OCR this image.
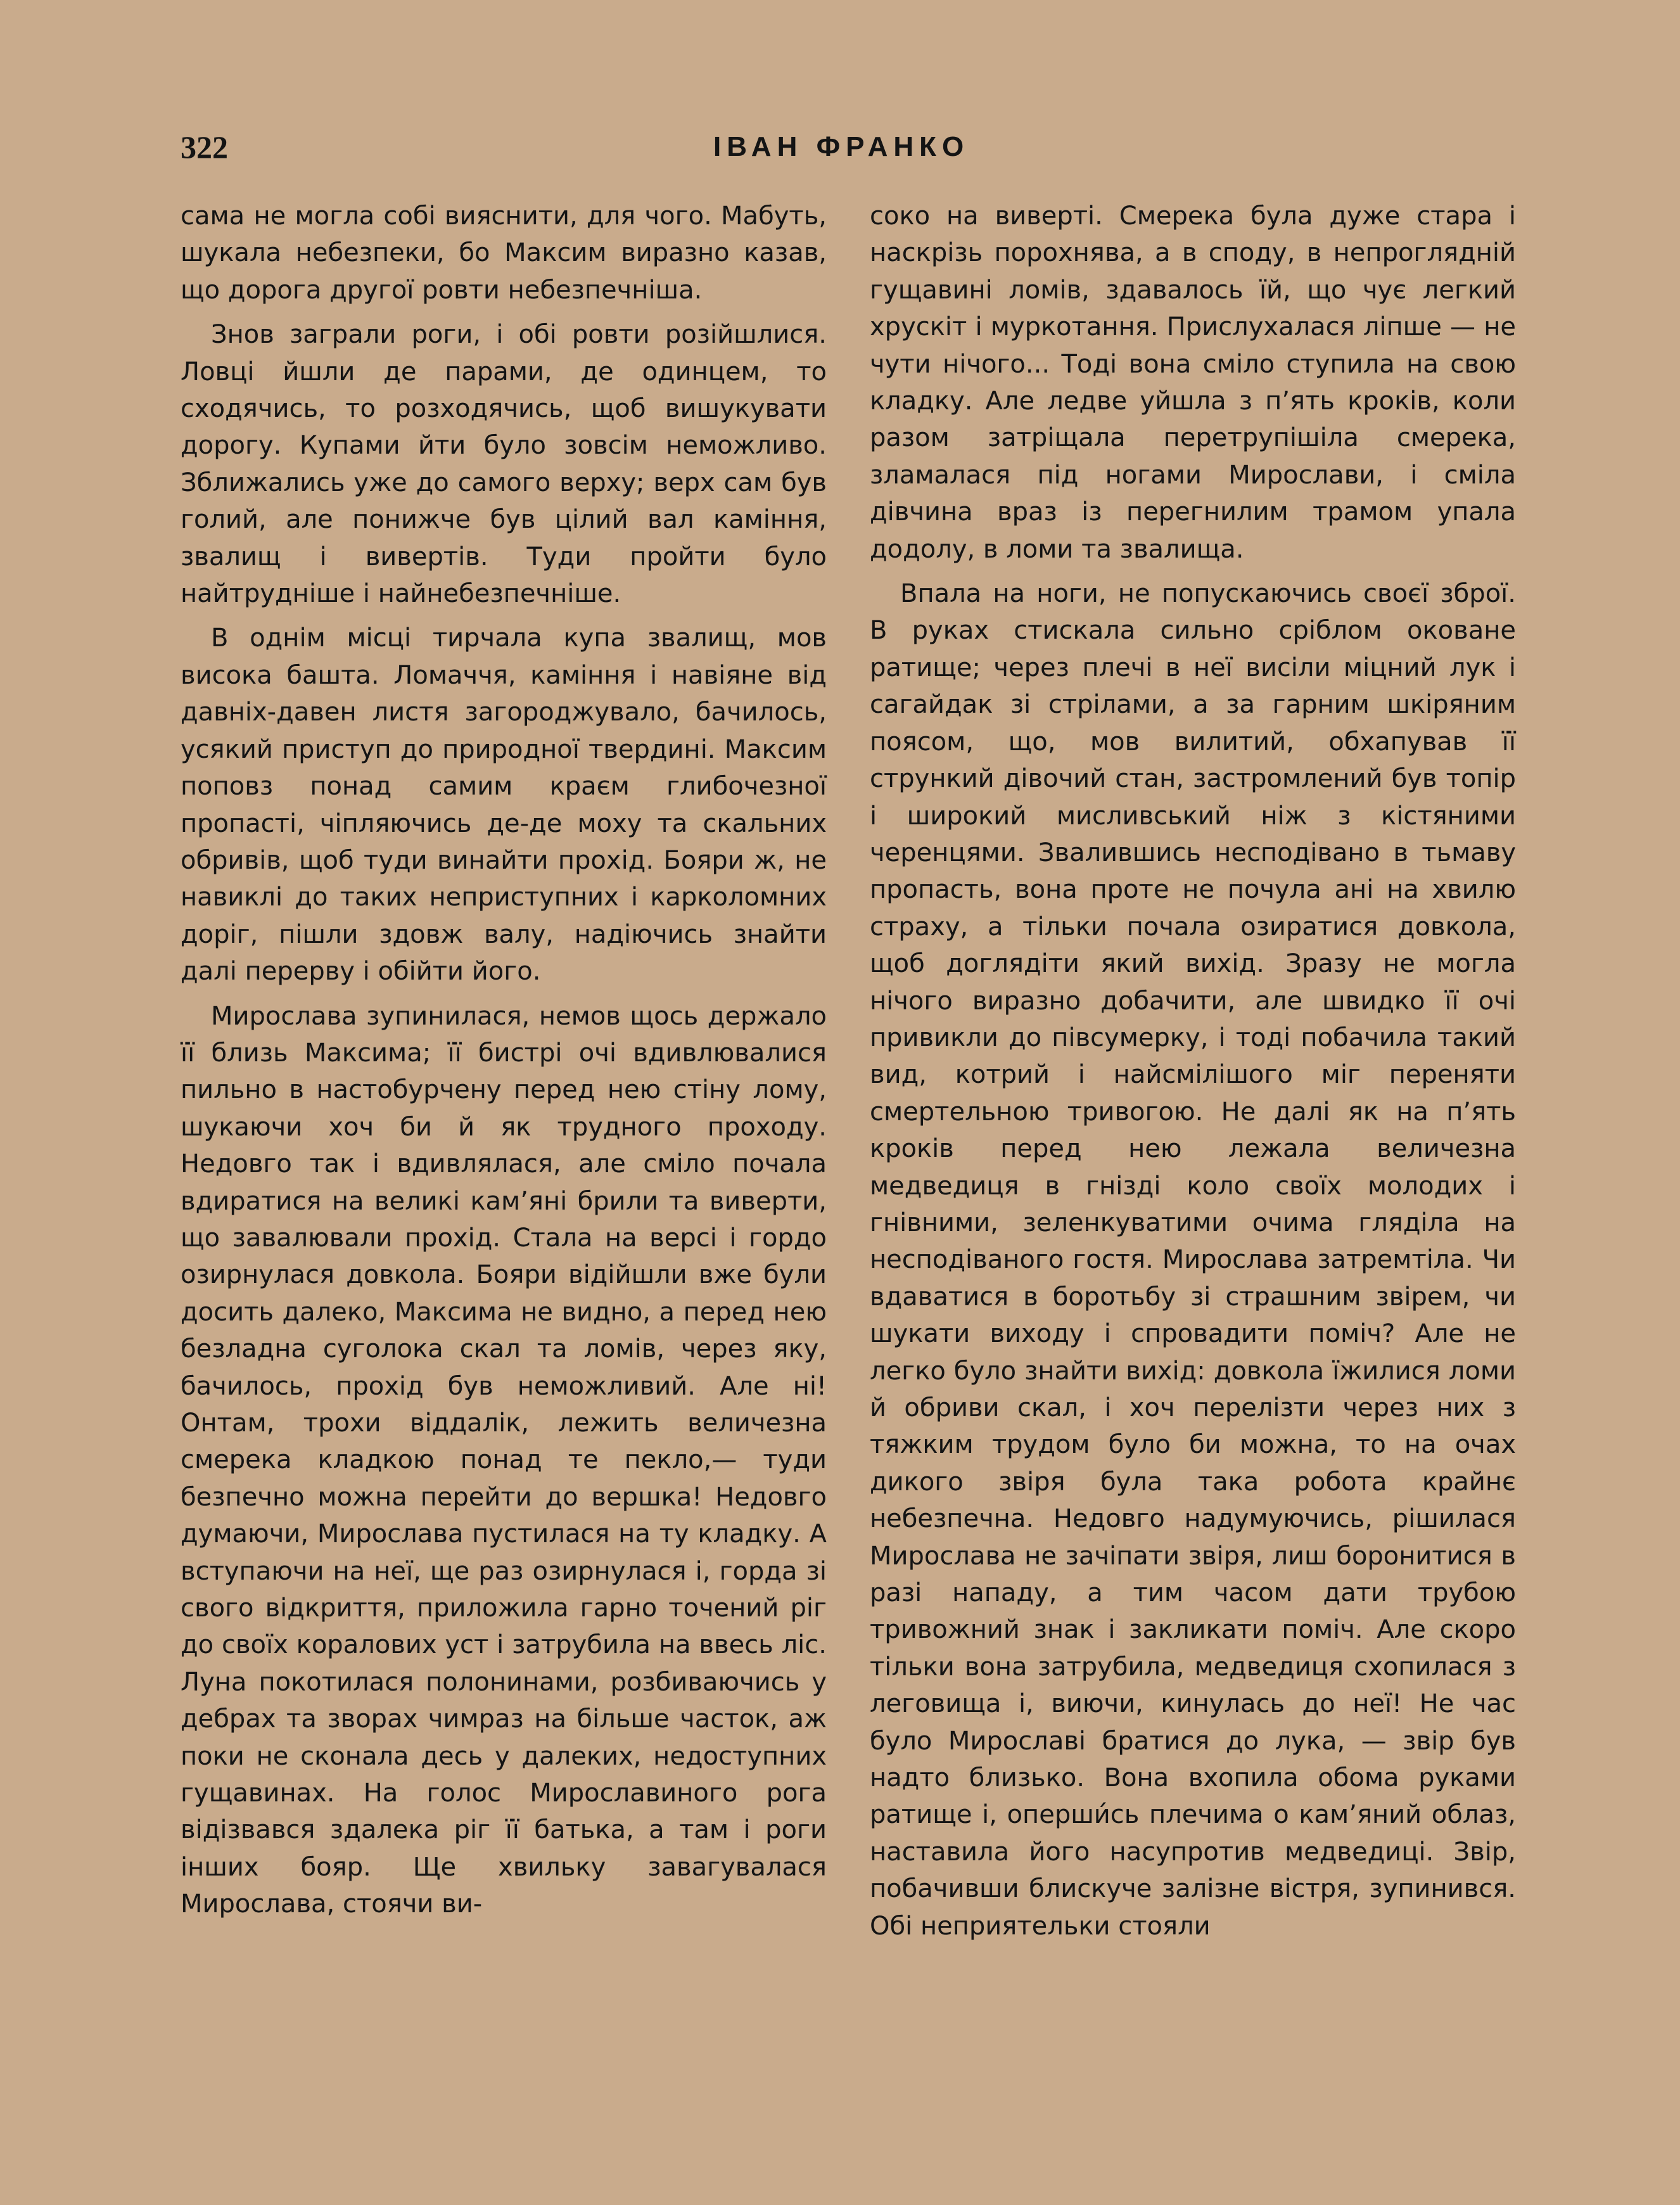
322	ІВАН ФРАНКО

сама не могла собі вияснити, для чого. Мабуть, шукала небезпеки, бо Максим виразно казав, що дорога другої ровти небезпечніша.

Знов заграли роги, і обі ровти розійшлися. Ловці йшли де парами, де одинцем, то сходячись, то розходячись, щоб вишукувати дорогу. Купами йти було зовсім неможливо. Зближались уже до самого верху; верх сам був голий, але понижче був цілий вал каміння, звалищ і вивертів. Туди пройти було найтрудніше і найнебезпечніше.

В однім місці тирчала купа звалищ, мов висока башта. Ломаччя, каміння і навіяне від давніх-давен листя загороджувало, бачилось, усякий приступ до природної твердині. Максим поповз понад самим краєм глибочезної пропасті, чіпляючись де-де моху та скальних обривів, щоб туди винайти прохід. Бояри ж, не навиклі до таких неприступних і карколомних доріг, пішли здовж валу, надіючись знайти далі перерву і обійти його.

Мирослава зупинилася, немов щось держало її близь Максима; її бистрі очі вдивлювалися пильно в настобурчену перед нею стіну лому, шукаючи хоч би й як трудного проходу. Недовго так і вдивлялася, але сміло почала вдиратися на великі кам’яні брили та виверти, що завалювали прохід. Стала на версі і гордо озирнулася довкола. Бояри відійшли вже були досить далеко, Максима не видно, а перед нею безладна суголока скал та ломів, через яку, бачилось, прохід був неможливий. Але ні! Онтам, трохи віддалік, лежить величезна смерека кладкою понад те пекло,— туди безпечно можна перейти до вершка! Недовго думаючи, Мирослава пустилася на ту кладку. А вступаючи на неї, ще раз озирнулася і, горда зі свого відкриття, приложила гарно точений ріг до своїх коралових уст і затрубила на ввесь ліс. Луна покотилася полонинами, розбиваючись у дебрах та зворах чимраз на більше часток, аж поки не сконала десь у далеких, недоступних гущавинах. На голос Мирославиного рога відізвався здалека ріг її батька, а там і роги інших бояр. Ще хвильку завагувалася Мирослава, стоячи ви-

соко на виверті. Смерека була дуже стара і наскрізь порохнява, а в споду, в непроглядній гущавині ломів, здавалось їй, що чує легкий хрускіт і муркотання. Прислухалася ліпше — не чути нічого... Тоді вона сміло ступила на свою кладку. Але ледве уйшла з п’ять кроків, коли разом затріщала перетрупішіла смерека, зламалася під ногами Мирослави, і сміла дівчина враз із перегнилим трамом упала додолу, в ломи та звалища.

Впала на ноги, не попускаючись своєї зброї. В руках стискала сильно сріблом оковане ратище; через плечі в неї висіли міцний лук і сагайдак зі стрілами, а за гарним шкіряним поясом, що, мов вилитий, обхапував її стрункий дівочий стан, застромлений був топір і широкий мисливський ніж з кістяними черенцями. Звалившись несподівано в тьмаву пропасть, вона проте не почула ані на хвилю страху, а тільки почала озиратися довкола, щоб доглядіти який вихід. Зразу не могла нічого виразно добачити, але швидко її очі привикли до півсумерку, і тоді побачила такий вид, котрий і найсмілішого міг переняти смертельною тривогою. Не далі як на п’ять кроків перед нею лежала величезна медведиця в гнізді коло своїх молодих і гнівними, зеленкуватими очима гляділа на несподіваного гостя. Мирослава затремтіла. Чи вдаватися в боротьбу зі страшним звірем, чи шукати виходу і спровадити поміч? Але не легко було знайти вихід: довкола їжилися ломи й обриви скал, і хоч перелізти через них з тяжким трудом було би можна, то на очах дикого звіря була така робота крайнє небезпечна. Недовго надумуючись, рішилася Мирослава не зачіпати звіря, лиш боронитися в разі нападу, а тим часом дати трубою тривожний знак і закликати поміч. Але скоро тільки вона затрубила, медведиця схопилася з леговища і, виючи, кинулась до неї! Не час було Мирославі братися до лука, — звір був надто близько. Вона вхопила обома руками ратище і, оперши́сь плечима о кам’яний облаз, наставила його насупротив медведиці. Звір, побачивши блискуче залізне вістря, зупинився. Обі неприятельки стояли
